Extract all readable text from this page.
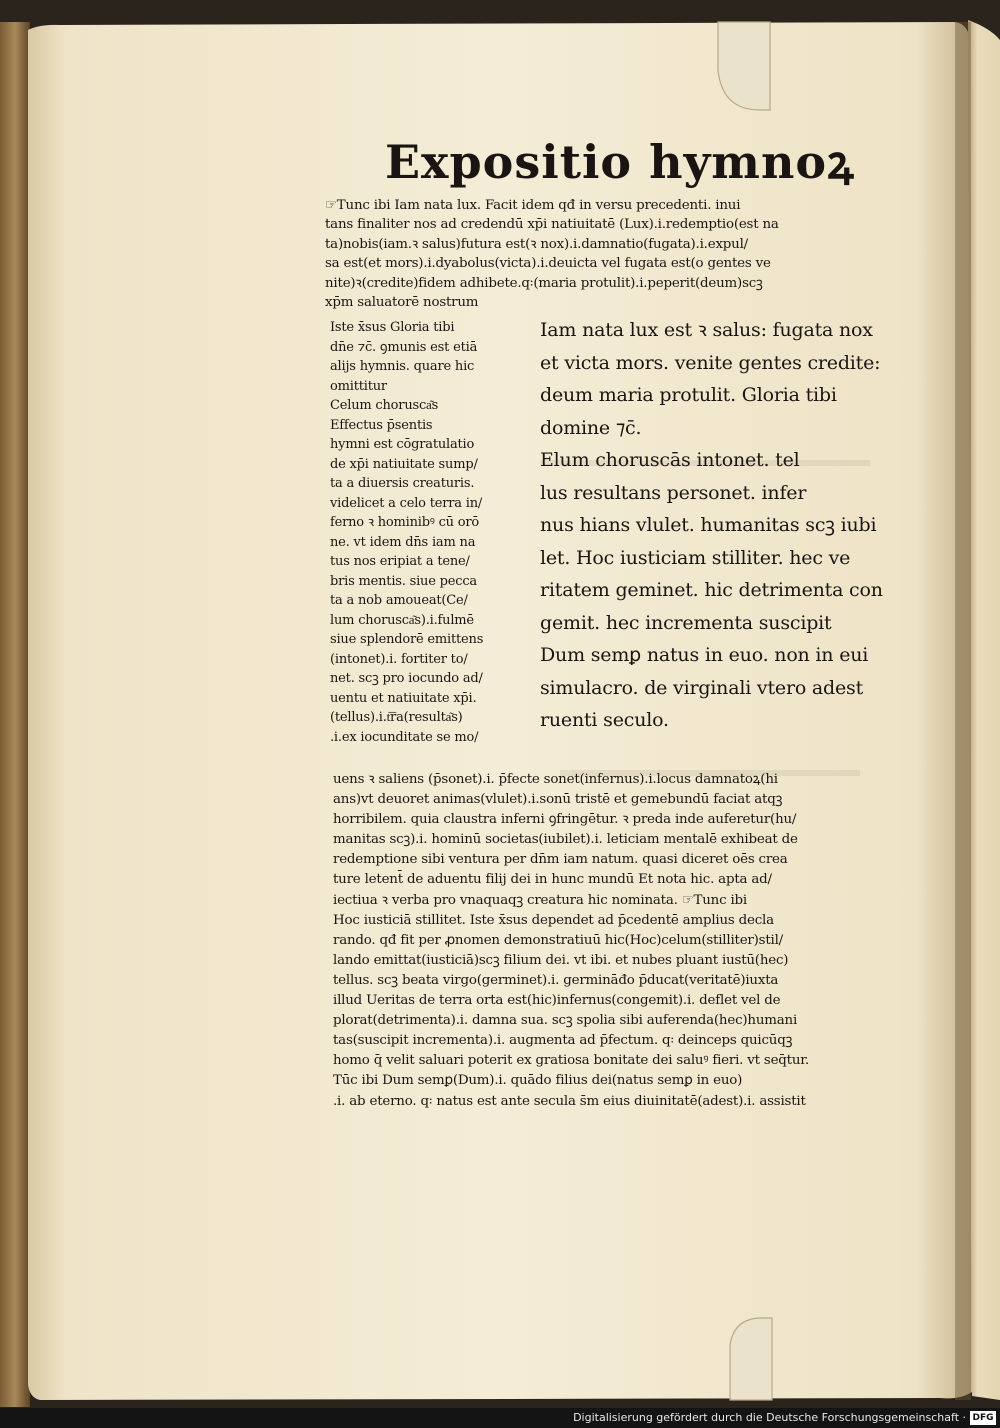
Expositio hymnoꝝ
☞Tunc ibi Iam nata lux. Facit idem qđ in versu precedenti. inui
tans finaliter nos ad credendū xp̄i natiuitatē (Lux).i.redemptio(est na
ta)nobis(iam.ꝛ salus)futura est(ꝛ nox).i.damnatio(fugata).i.expul/
sa est(et mors).i.dyabolus(victa).i.deuicta vel fugata est(o gentes ve
nite)ꝛ(credite)fidem adhibete.q꞉(maria protulit).i.peperit(deum)scꝫ
xp̄m saluatorē nostrum
Iste x̄sus Gloria tibi
dn̄e ⁊c̄. ꝯmunis est etiā
alijs hymnis. quare hic
omittitur
Celum chorusca͂s
Effectus p̄sentis
hymni est cōgratulatio
de xp̄i natiuitate sump/
ta a diuersis creaturis.
videlicet a celo terra in/
ferno ꝛ hominibꝰ cū orō
ne. vt idem dn̄s iam na
tus nos eripiat a tene/
bris mentis. siue pecca
ta a nob amoueat(Ce/
lum chorusca͂s).i.fulmē
siue splendorē emittens
(intonet).i. fortiter to/
net. scꝫ pro iocundo ad/
uentu et natiuitate xp̄i.
(tellus).i.t͞ra(resulta͂s)
.i.ex iocunditate se mo/
Iam nata lux est ꝛ salus: fugata nox
et victa mors. venite gentes credite:
deum maria protulit. Gloria tibi
domine ⁊c̄.
Elum choruscās intonet. tel
lus resultans personet. infer
nus hians vlulet. humanitas scꝫ iubi
let. Hoc iusticiam stilliter. hec ve
ritatem geminet. hic detrimenta con
gemit. hec incrementa suscipit
Dum semꝑ natus in euo. non in eui
simulacro. de virginali vtero adest
ruenti seculo.
uens ꝛ saliens (p̄sonet).i. p̄fecte sonet(infernus).i.locus damnatoꝝ(hi
ans)vt deuoret animas(vlulet).i.sonū tristē et gemebundū faciat atqꝫ
horribilem. quia claustra inferni ꝯfringētur. ꝛ preda inde auferetur(hu/
manitas scꝫ).i. hominū societas(iubilet).i. leticiam mentalē exhibeat de
redemptione sibi ventura per dn̄m iam natum. quasi diceret oēs crea
ture letent̄ de aduentu filij dei in hunc mundū Et nota hic. apta ad/
iectiua ꝛ verba pro vnaquaqꝫ creatura hic nominata. ☞Tunc ibi
Hoc iusticiā stillitet. Iste x̄sus dependet ad p̄cedentē amplius decla
rando. qđ fit per ꝓnomen demonstratiuū hic(Hoc)celum(stilliter)stil/
lando emittat(iusticiā)scꝫ filium dei. vt ibi. et nubes pluant iustū(hec)
tellus. scꝫ beata virgo(germinet).i. germināđo p̄ducat(veritatē)iuxta
illud Ueritas de terra orta est(hic)infernus(congemit).i. deflet vel de
plorat(detrimenta).i. damna sua. scꝫ spolia sibi auferenda(hec)humani
tas(suscipit incrementa).i. augmenta ad p̄fectum. q꞉ deinceps quicūqꝫ
homo q̄ velit saluari poterit ex gratiosa bonitate dei saluꝰ fieri. vt seq̄tur.
Tūc ibi Dum semꝑ(Dum).i. quādo filius dei(natus semꝑ in euo)
.i. ab eterno. q꞉ natus est ante secula s̄m eius diuinitatē(adest).i. assistit
Digitalisierung gefördert durch die Deutsche Forschungsgemeinschaft · DFG
